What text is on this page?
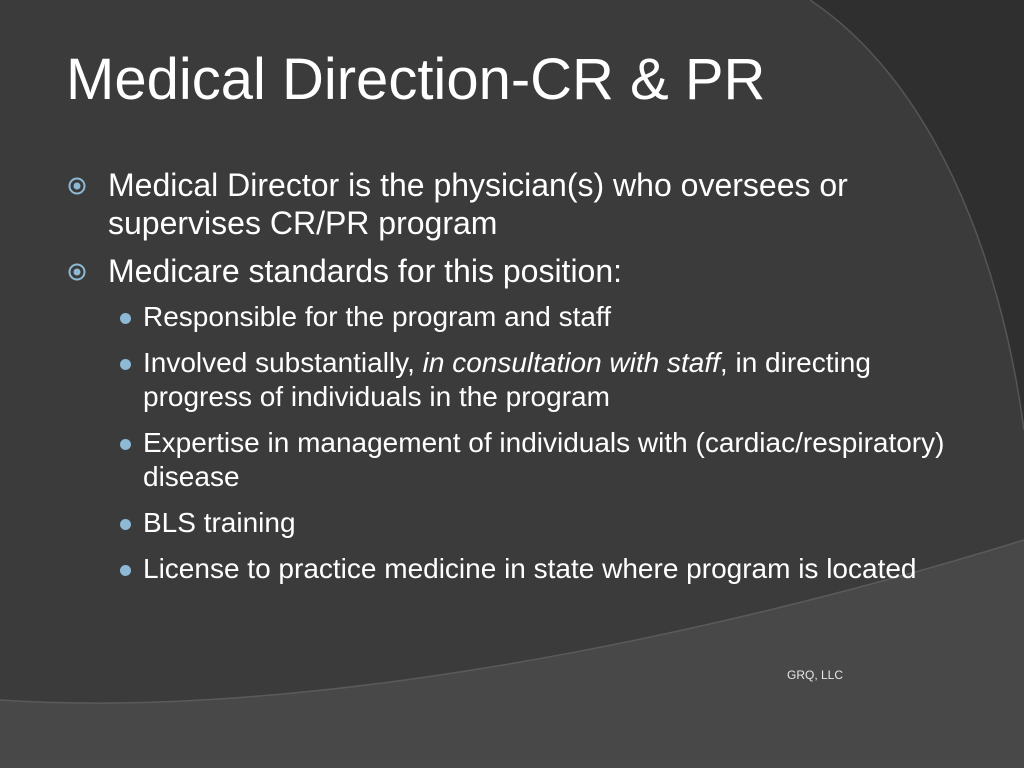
Medical Direction-CR & PR
Medical Director is the physician(s) who oversees or supervises CR/PR program
Medicare standards for this position:
Responsible for the program and staff
Involved substantially, in consultation with staff, in directing progress of individuals in the program
Expertise in management of individuals with (cardiac/respiratory) disease
BLS training
License to practice medicine in state where program is located
GRQ, LLC
